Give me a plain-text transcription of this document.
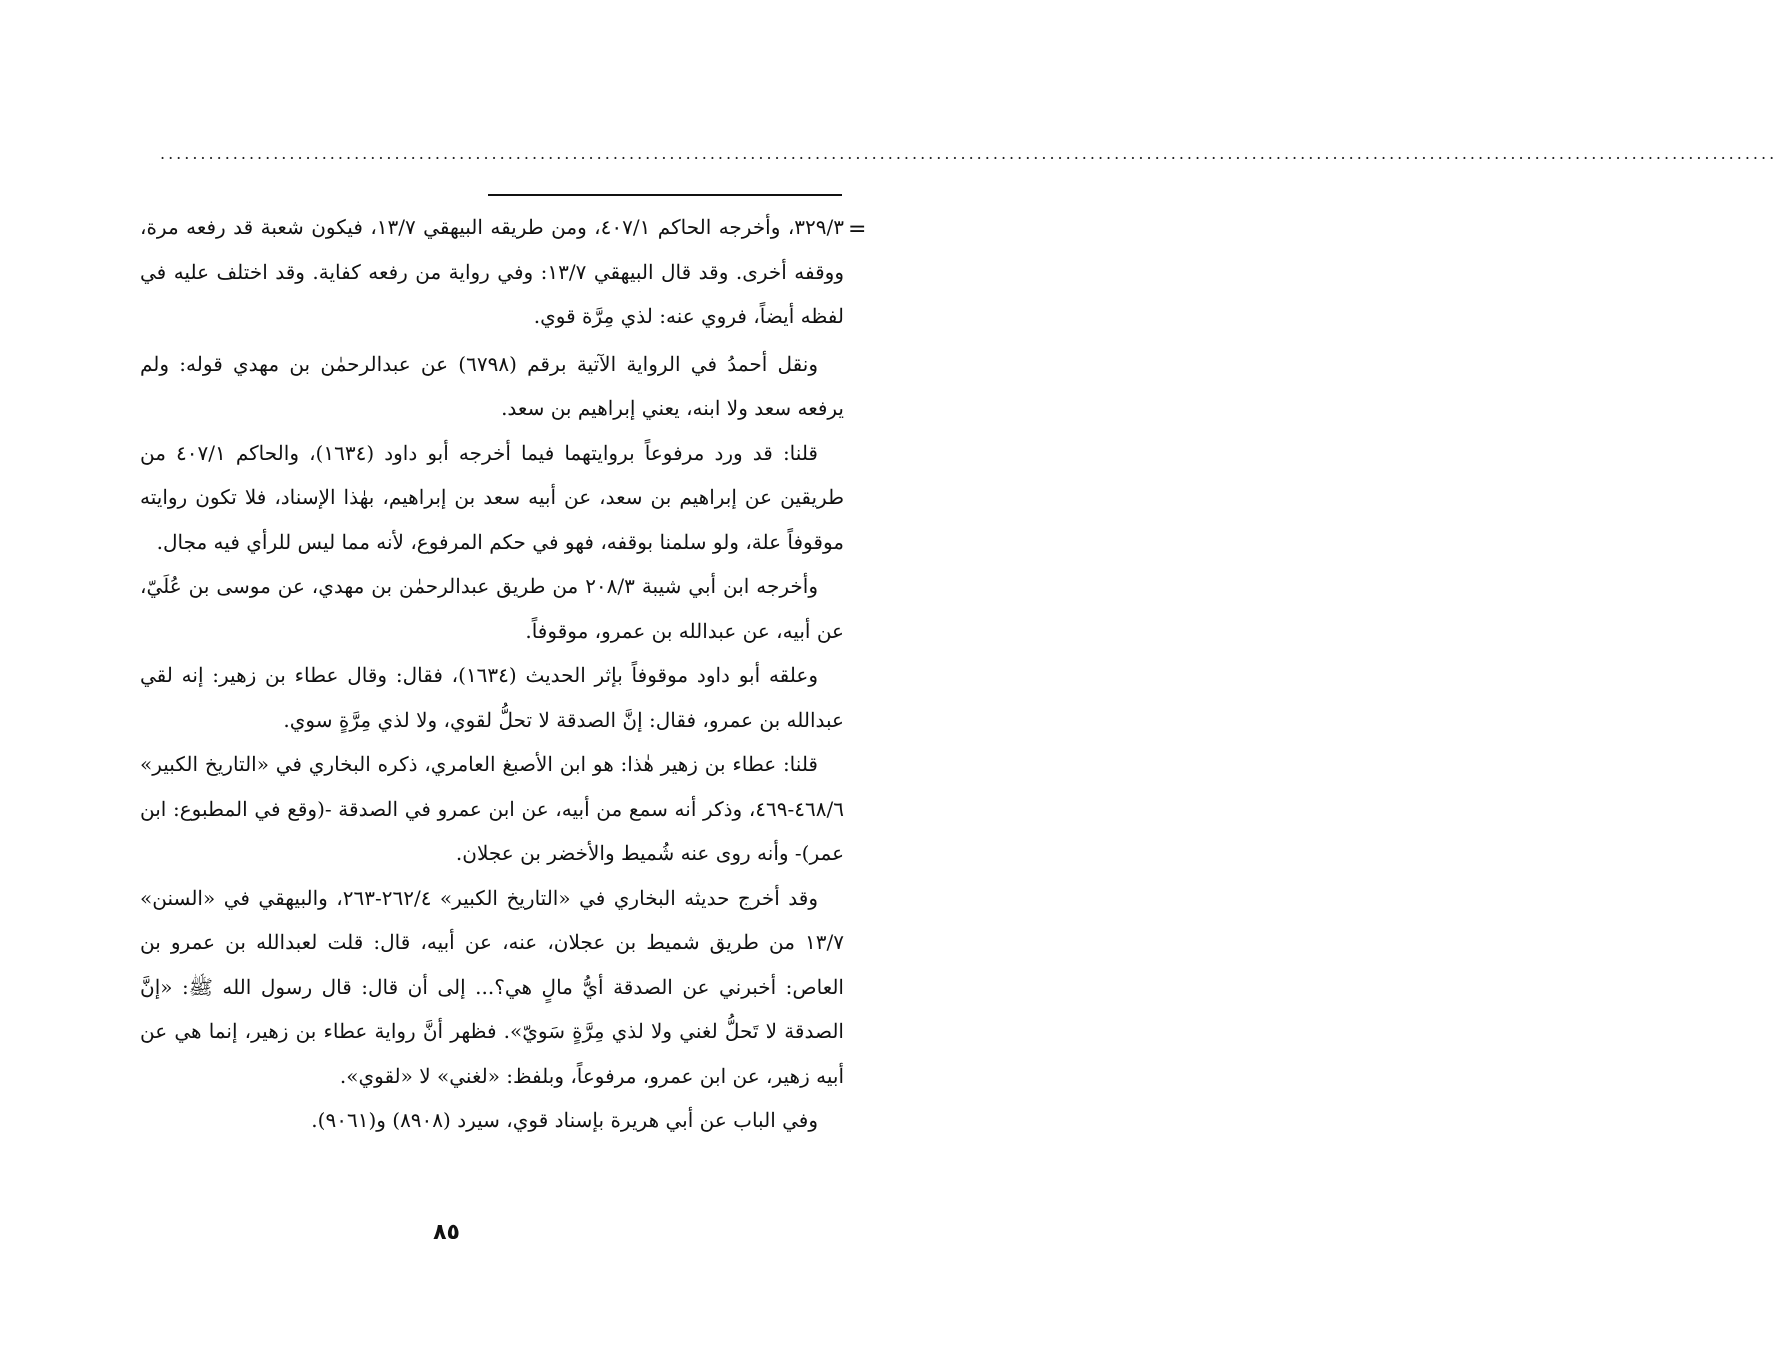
........................................................................................................................................................................................................
=

٣٢٩/٣، وأخرجه الحاكم ٤٠٧/١، ومن طريقه البيهقي ١٣/٧، فيكون شعبة قد رفعه مرة، ووقفه أخرى. وقد قال البيهقي ١٣/٧: وفي رواية من رفعه كفاية. وقد اختلف عليه في لفظه أيضاً، فروي عنه: لذي مِرَّة قوي.

ونقل أحمدُ في الرواية الآتية برقم (٦٧٩٨) عن عبدالرحمٰن بن مهدي قوله: ولم يرفعه سعد ولا ابنه، يعني إبراهيم بن سعد.

قلنا: قد ورد مرفوعاً بروايتهما فيما أخرجه أبو داود (١٦٣٤)، والحاكم ٤٠٧/١ من طريقين عن إبراهيم بن سعد، عن أبيه سعد بن إبراهيم، بهٰذا الإسناد، فلا تكون روايته موقوفاً علة، ولو سلمنا بوقفه، فهو في حكم المرفوع، لأنه مما ليس للرأي فيه مجال.

وأخرجه ابن أبي شيبة ٢٠٨/٣ من طريق عبدالرحمٰن بن مهدي، عن موسى بن عُلَيّ، عن أبيه، عن عبدالله بن عمرو، موقوفاً.

وعلقه أبو داود موقوفاً بإثر الحديث (١٦٣٤)، فقال: وقال عطاء بن زهير: إنه لقي عبدالله بن عمرو، فقال: إنَّ الصدقة لا تحلُّ لقوي، ولا لذي مِرَّةٍ سوي.

قلنا: عطاء بن زهير هٰذا: هو ابن الأصبغ العامري، ذكره البخاري في «التاريخ الكبير» ٤٦٨/٦-٤٦٩، وذكر أنه سمع من أبيه، عن ابن عمرو في الصدقة -(وقع في المطبوع: ابن عمر)- وأنه روى عنه شُميط والأخضر بن عجلان.

وقد أخرج حديثه البخاري في «التاريخ الكبير» ٢٦٢/٤-٢٦٣، والبيهقي في «السنن» ١٣/٧ من طريق شميط بن عجلان، عنه، عن أبيه، قال: قلت لعبدالله بن عمرو بن العاص: أخبرني عن الصدقة أيُّ مالٍ هي؟... إلى أن قال: قال رسول الله ﷺ: «إنَّ الصدقة لا تَحلُّ لغني ولا لذي مِرَّةٍ سَويّ». فظهر أنَّ رواية عطاء بن زهير، إنما هي عن أبيه زهير، عن ابن عمرو، مرفوعاً، وبلفظ: «لغني» لا «لقوي».

وفي الباب عن أبي هريرة بإسناد قوي، سيرد (٨٩٠٨) و(٩٠٦١).

٨٥
